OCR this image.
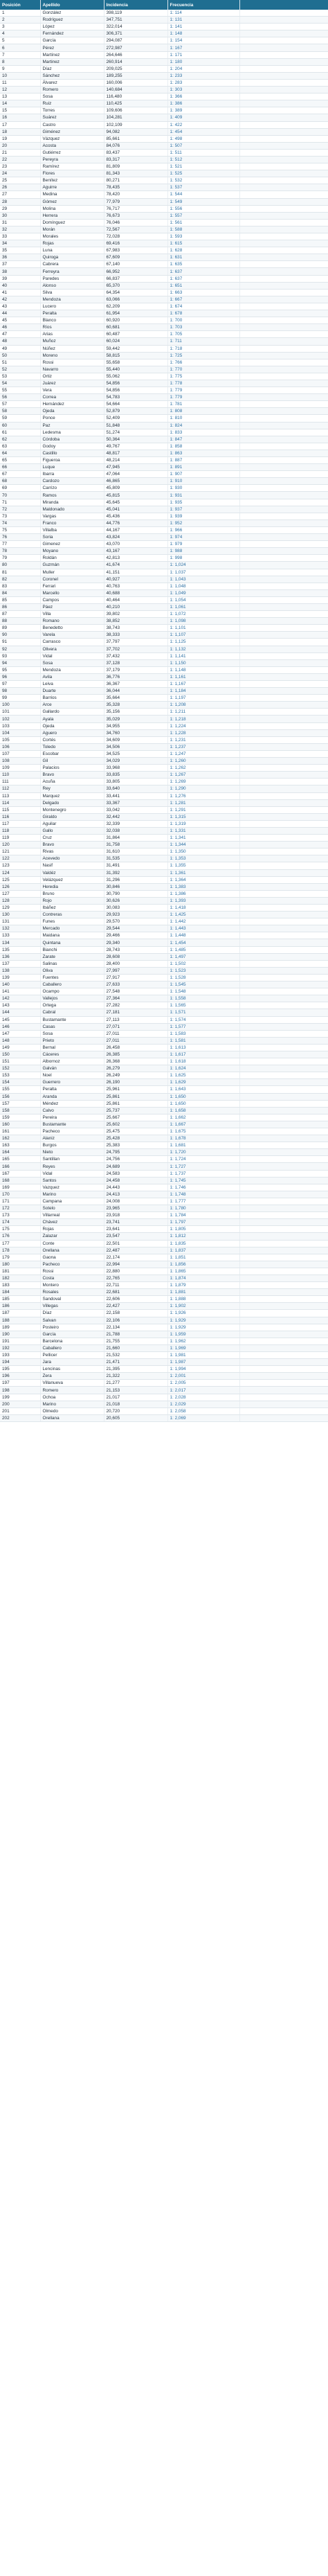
Posición	Apellido	Incidencia	Frecuencia	
1	González	398,119	1: 114	
2	Rodríguez	347,751	1: 131	
3	López	322,014	1: 141	
4	Fernández	306,371	1: 148	
5	García	294,087	1: 154	
6	Pérez	272,987	1: 167	
7	Martínez	264,646	1: 171	
8	Martinez	260,914	1: 180	
9	Díaz	209,025	1: 204	
10	Sánchez	189,255	1: 233	
11	Álvarez	160,006	1: 283	
12	Romero	140,684	1: 303	
13	Sosa	116,480	1: 366	
14	Ruiz	110,425	1: 386	
15	Torres	109,606	1: 389	
16	Suárez	104,281	1: 409	
17	Castro	102,109	1: 422	
18	Giménez	94,082	1: 454	
19	Vázquez	85,661	1: 498	
20	Acosta	84,076	1: 507	
21	Gutiérrez	83,437	1: 511	
22	Pereyra	83,317	1: 512	
23	Ramírez	81,809	1: 521	
24	Flores	81,343	1: 525	
25	Benítez	80,271	1: 532	
26	Aguirre	78,435	1: 537	
27	Medina	78,420	1: 544	
28	Gómez	77,979	1: 549	
29	Molina	76,717	1: 556	
30	Herrera	76,673	1: 557	
31	Domínguez	76,046	1: 561	
32	Morán	72,567	1: 588	
33	Morales	72,028	1: 593	
34	Rojas	69,416	1: 615	
35	Luna	67,983	1: 628	
36	Quiroga	67,609	1: 631	
37	Cabrera	67,140	1: 635	
38	Ferreyra	66,952	1: 637	
39	Paredes	66,837	1: 637	
40	Alonso	65,370	1: 651	
41	Silva	64,354	1: 663	
42	Mendoza	63,066	1: 667	
43	Lucero	62,209	1: 674	
44	Peralta	61,954	1: 678	
45	Blanco	60,920	1: 700	
46	Ríos	60,681	1: 703	
47	Arias	60,487	1: 705	
48	Muñoz	60,024	1: 711	
49	Núñez	59,442	1: 718	
50	Moreno	58,815	1: 725	
51	Rossi	55,658	1: 766	
52	Navarro	55,440	1: 770	
53	Ortiz	55,062	1: 775	
54	Juárez	54,856	1: 778	
55	Vera	54,856	1: 779	
56	Correa	54,783	1: 779	
57	Hernández	54,664	1: 781	
58	Ojeda	52,879	1: 808	
59	Ponce	52,409	1: 810	
60	Paz	51,848	1: 824	
61	Ledesma	51,274	1: 833	
62	Córdoba	50,364	1: 847	
63	Godoy	49,767	1: 858	
64	Castillo	48,817	1: 863	
65	Figueroa	48,214	1: 887	
66	Luque	47,945	1: 891	
67	Ibarra	47,064	1: 907	
68	Cardozo	46,865	1: 910	
69	Carrizo	45,809	1: 930	
70	Ramos	45,815	1: 931	
71	Miranda	45,645	1: 935	
72	Maldonado	45,041	1: 937	
73	Vargas	45,436	1: 939	
74	Franco	44,776	1: 952	
75	Villalba	44,167	1: 966	
76	Soria	43,824	1: 974	
77	Gimenez	43,070	1: 979	
78	Moyano	43,167	1: 988	
79	Roldán	42,813	1: 998	
80	Guzmán	41,674	1: 1,024	
81	Muller	41,151	1: 1,037	
82	Coronel	40,927	1: 1,043	
83	Ferrari	40,763	1: 1,048	
84	Marcello	40,688	1: 1,049	
85	Campos	40,464	1: 1,054	
86	Páez	40,210	1: 1,061	
87	Villa	39,802	1: 1,072	
88	Romano	38,852	1: 1,098	
89	Benedetto	38,743	1: 1,101	
90	Varela	38,333	1: 1,107	
91	Carrasco	37,797	1: 1,125	
92	Olivera	37,702	1: 1,132	
93	Vidal	37,432	1: 1,141	
94	Sosa	37,128	1: 1,150	
95	Mendoza	37,179	1: 1,148	
96	Avila	36,776	1: 1,161	
97	Leiva	36,367	1: 1,167	
98	Duarte	36,044	1: 1,184	
99	Barrios	35,664	1: 1,197	
100	Arce	35,328	1: 1,208	
101	Gallardo	35,156	1: 1,211	
102	Ayala	35,029	1: 1,218	
103	Ojeda	34,955	1: 1,224	
104	Aguero	34,760	1: 1,228	
105	Cortés	34,609	1: 1,231	
106	Toledo	34,506	1: 1,237	
107	Escobar	34,525	1: 1,247	
108	Gil	34,029	1: 1,260	
109	Palacios	33,968	1: 1,262	
110	Bravo	33,835	1: 1,267	
111	Acuña	33,805	1: 1,269	
112	Rey	33,640	1: 1,290	
113	Marquez	33,441	1: 1,276	
114	Delgado	33,367	1: 1,281	
115	Montenegro	33,042	1: 1,291	
116	Giraldo	32,442	1: 1,315	
117	Aguilar	32,339	1: 1,319	
118	Gallo	32,038	1: 1,331	
119	Cruz	31,864	1: 1,341	
120	Bravo	31,758	1: 1,344	
121	Rivas	31,610	1: 1,350	
122	Acevedo	31,535	1: 1,353	
123	Nasif	31,491	1: 1,355	
124	Valdéz	31,392	1: 1,361	
125	Velázquez	31,296	1: 1,364	
126	Heredia	30,846	1: 1,383	
127	Bruno	30,790	1: 1,386	
128	Rojo	30,626	1: 1,393	
129	Ibáñez	30,083	1: 1,418	
130	Contreras	29,923	1: 1,425	
131	Funes	29,570	1: 1,442	
132	Mercado	29,544	1: 1,443	
133	Maidana	29,466	1: 1,448	
134	Quintana	29,340	1: 1,454	
135	Bianchi	28,743	1: 1,485	
136	Zarate	28,608	1: 1,497	
137	Salinas	28,400	1: 1,502	
138	Oliva	27,997	1: 1,523	
139	Fuentes	27,917	1: 1,528	
140	Caballero	27,633	1: 1,545	
141	Ocampo	27,548	1: 1,548	
142	Vallejos	27,364	1: 1,558	
143	Ortega	27,282	1: 1,565	
144	Cabral	27,181	1: 1,571	
145	Bustamante	27,113	1: 1,574	
146	Casas	27,071	1: 1,577	
147	Sosa	27,011	1: 1,583	
148	Prieto	27,011	1: 1,581	
149	Bernal	26,458	1: 1,613	
150	Cáceres	26,385	1: 1,617	
151	Albornoz	26,368	1: 1,618	
152	Galván	26,279	1: 1,624	
153	Noel	26,249	1: 1,625	
154	Guerrero	26,190	1: 1,629	
155	Peralta	25,961	1: 1,643	
156	Aranda	25,861	1: 1,650	
157	Méndez	25,861	1: 1,650	
158	Calvo	25,737	1: 1,658	
159	Pereira	25,667	1: 1,662	
160	Bustamante	25,602	1: 1,667	
161	Pacheco	25,475	1: 1,675	
162	Alaniz	25,428	1: 1,678	
163	Burgos	25,383	1: 1,681	
164	Nieto	24,795	1: 1,720	
165	Santillan	24,756	1: 1,724	
166	Reyes	24,689	1: 1,727	
167	Vidal	24,583	1: 1,737	
168	Santos	24,458	1: 1,745	
169	Vazquez	24,443	1: 1,746	
170	Marino	24,413	1: 1,748	
171	Campana	24,008	1: 1,777	
172	Sotelo	23,965	1: 1,780	
173	Villarreal	23,918	1: 1,784	
174	Chávez	23,741	1: 1,797	
175	Rojas	23,641	1: 1,805	
176	Zalazar	23,547	1: 1,812	
177	Conte	22,501	1: 1,835	
178	Orellana	22,487	1: 1,837	
179	Gaona	22,174	1: 1,851	
180	Pacheco	22,994	1: 1,856	
181	Rossi	22,880	1: 1,865	
182	Costa	22,765	1: 1,874	
183	Montero	22,711	1: 1,879	
184	Rosales	22,681	1: 1,881	
185	Sandoval	22,606	1: 1,888	
186	Villegas	22,427	1: 1,902	
187	Díaz	22,158	1: 1,926	
188	Salvan	22,106	1: 1,929	
189	Posteiro	22,134	1: 1,929	
190	García	21,788	1: 1,959	
191	Barcelona	21,755	1: 1,962	
192	Caballero	21,660	1: 1,969	
193	Pellicer	21,532	1: 1,981	
194	Jara	21,471	1: 1,987	
195	Lencinas	21,395	1: 1,994	
196	Zera	21,322	1: 2,001	
197	Villanueva	21,277	1: 2,005	
198	Romero	21,153	1: 2,017	
199	Ochoa	21,017	1: 2,028	
200	Marino	21,018	1: 2,029	
201	Olmedo	20,720	1: 2,058	
202	Orellana	20,605	1: 2,069	
